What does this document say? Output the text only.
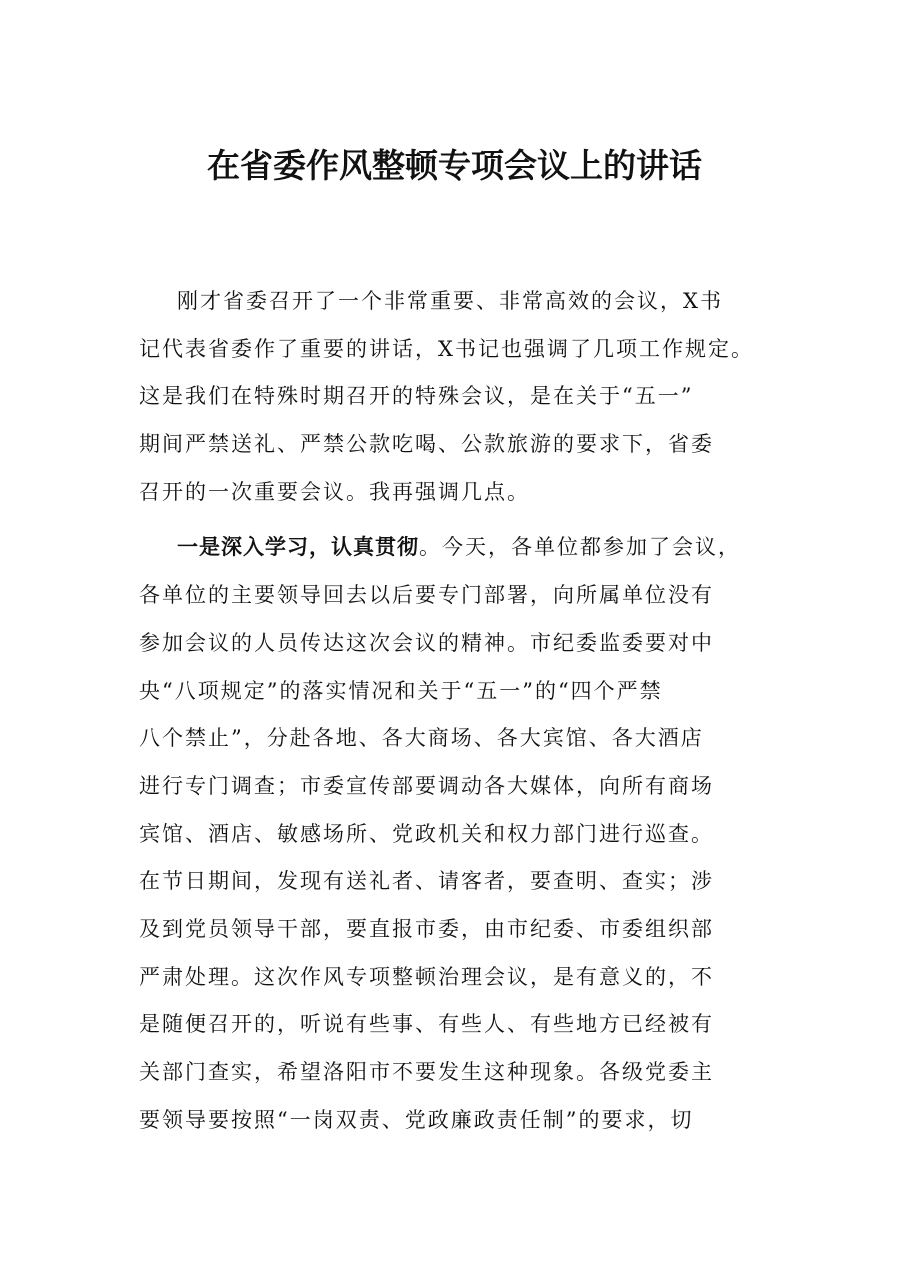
在省委作风整顿专项会议上的讲话
刚才省委召开了一个非常重要、非常高效的会议，X书
记代表省委作了重要的讲话，X书记也强调了几项工作规定。
这是我们在特殊时期召开的特殊会议，是在关于“五一”
期间严禁送礼、严禁公款吃喝、公款旅游的要求下，省委
召开的一次重要会议。我再强调几点。
一是深入学习，认真贯彻。今天，各单位都参加了会议，
各单位的主要领导回去以后要专门部署，向所属单位没有
参加会议的人员传达这次会议的精神。市纪委监委要对中
央“八项规定”的落实情况和关于“五一”的“四个严禁
八个禁止”，分赴各地、各大商场、各大宾馆、各大酒店
进行专门调查；市委宣传部要调动各大媒体，向所有商场
宾馆、酒店、敏感场所、党政机关和权力部门进行巡查。
在节日期间，发现有送礼者、请客者，要查明、查实；涉
及到党员领导干部，要直报市委，由市纪委、市委组织部
严肃处理。这次作风专项整顿治理会议，是有意义的，不
是随便召开的，听说有些事、有些人、有些地方已经被有
关部门查实，希望洛阳市不要发生这种现象。各级党委主
要领导要按照“一岗双责、党政廉政责任制”的要求，切
